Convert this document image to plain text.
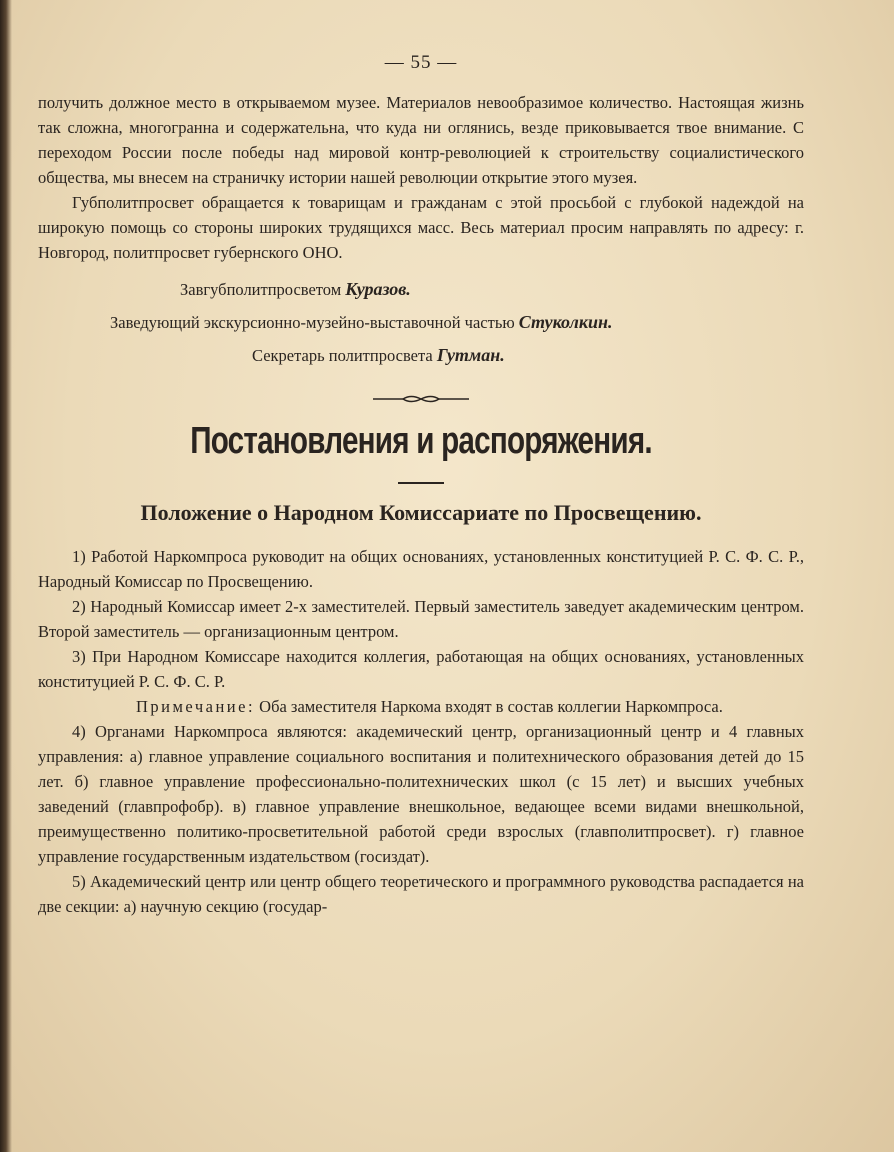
— 55 —

получить должное место в открываемом музее. Материалов невообразимое количество. Настоящая жизнь так сложна, многогранна и содержательна, что куда ни оглянись, везде приковывается твое внимание. С переходом России после победы над мировой контр-революцией к строительству социалистического общества, мы внесем на страничку истории нашей революции открытие этого музея.

Губполитпросвет обращается к товарищам и гражданам с этой просьбой с глубокой надеждой на широкую помощь со стороны широких трудящихся масс. Весь материал просим направлять по адресу: г. Новгород, политпросвет губернского ОНО.

Завгубполитпросветом Куразов.
Заведующий экскурсионно-музейно-выставочной частью Стуколкин.
Секретарь политпросвета Гутман.
Постановления и распоряжения.
Положение о Народном Комиссариате по Просвещению.

1) Работой Наркомпроса руководит на общих основаниях, установленных конституцией Р. С. Ф. С. Р., Народный Комиссар по Просвещению.

2) Народный Комиссар имеет 2-х заместителей. Первый заместитель заведует академическим центром. Второй заместитель — организационным центром.

3) При Народном Комиссаре находится коллегия, работающая на общих основаниях, установленных конституцией Р. С. Ф. С. Р.

Примечание: Оба заместителя Наркома входят в состав коллегии Наркомпроса.

4) Органами Наркомпроса являются: академический центр, организационный центр и 4 главных управления: а) главное управление социального воспитания и политехнического образования детей до 15 лет. б) главное управление профессионально-политехнических школ (с 15 лет) и высших учебных заведений (главпрофобр). в) главное управление внешкольное, ведающее всеми видами внешкольной, преимущественно политико-просветительной работой среди взрослых (главполитпросвет). г) главное управление государственным издательством (госиздат).

5) Академический центр или центр общего теоретического и программного руководства распадается на две секции: а) научную секцию (государ-
